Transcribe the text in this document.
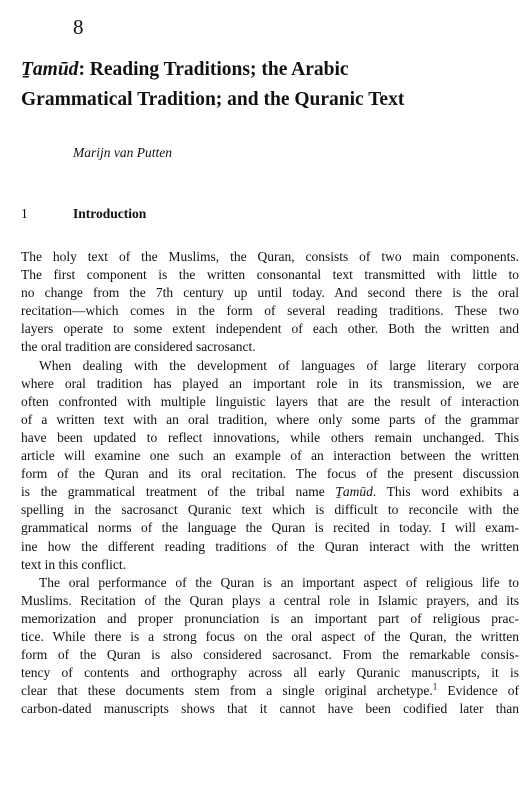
8
Ṯamūd: Reading Traditions; the Arabic
Grammatical Tradition; and the Quranic Text
Marijn van Putten
1	Introduction

The holy text of the Muslims, the Quran, consists of two main components.
The first component is the written consonantal text transmitted with little to
no change from the 7th century up until today. And second there is the oral
recitation—which comes in the form of several reading traditions. These two
layers operate to some extent independent of each other. Both the written and
the oral tradition are considered sacrosanct.

When dealing with the development of languages of large literary corpora
where oral tradition has played an important role in its transmission, we are
often confronted with multiple linguistic layers that are the result of interaction
of a written text with an oral tradition, where only some parts of the grammar
have been updated to reflect innovations, while others remain unchanged. This
article will examine one such an example of an interaction between the written
form of the Quran and its oral recitation. The focus of the present discussion
is the grammatical treatment of the tribal name Ṯamūd. This word exhibits a
spelling in the sacrosanct Quranic text which is difficult to reconcile with the
grammatical norms of the language the Quran is recited in today. I will exam-
ine how the different reading traditions of the Quran interact with the written
text in this conflict.

The oral performance of the Quran is an important aspect of religious life to
Muslims. Recitation of the Quran plays a central role in Islamic prayers, and its
memorization and proper pronunciation is an important part of religious prac-
tice. While there is a strong focus on the oral aspect of the Quran, the written
form of the Quran is also considered sacrosanct. From the remarkable consis-
tency of contents and orthography across all early Quranic manuscripts, it is
clear that these documents stem from a single original archetype.$^1$ Evidence of
carbon-dated manuscripts shows that it cannot have been codified later than
